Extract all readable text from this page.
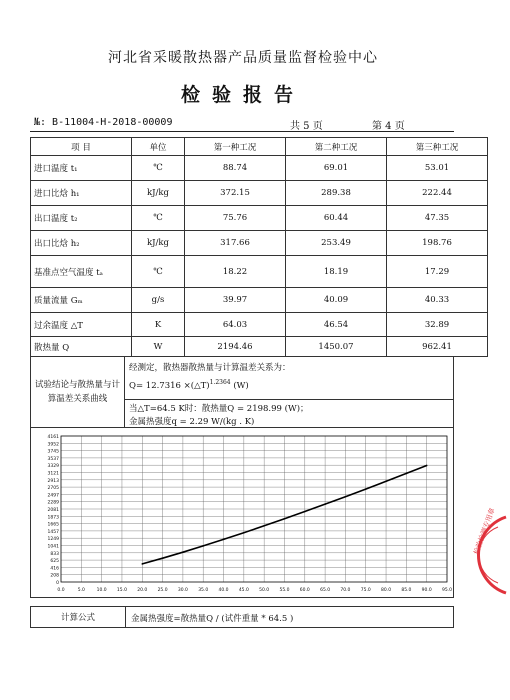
河北省采暖散热器产品质量监督检验中心
检验报告
№: B-11004-H-2018-00009	共 5 页	第 4 页
项 目	单位	第一种工况	第二种工况	第三种工况
进口温度 t₁	℃	88.74	69.01	53.01
进口比焓 h₁	kJ/kg	372.15	289.38	222.44
出口温度 t₂	℃	75.76	60.44	47.35
出口比焓 h₂	kJ/kg	317.66	253.49	198.76
基准点空气温度 tₐ	℃	18.22	18.19	17.29
质量流量 Gₘ	g/s	39.97	40.09	40.33
过余温度 △T	K	64.03	46.54	32.89
散热量 Q	W	2194.46	1450.07	962.41
试验结论与散热量与计算温差关系曲线
经测定，散热器散热量与计算温差关系为：
Q= 12.7316 ×(△T)$^{1.2364}$ (W)
当△T=64.5 K时：散热量Q = 2198.99 (W)；
金属热强度q = 2.29 W/(kg . K)
4161
3952
3745
3537
3329
3121
2913
2705
2497
2289
2081
1873
1665
1457
1249
1041
833
625
416
208
0
0.0	5.0	10.0 15.0 20.0 25.0 30.0 35.0 40.0 45.0 50.0 55.0 60.0 65.0 70.0 75.0 80.0 85.0 90.0 95.0
计算公式	金属热强度=散热量Q / (试件重量 * 64.5 )
检验检测专用章
